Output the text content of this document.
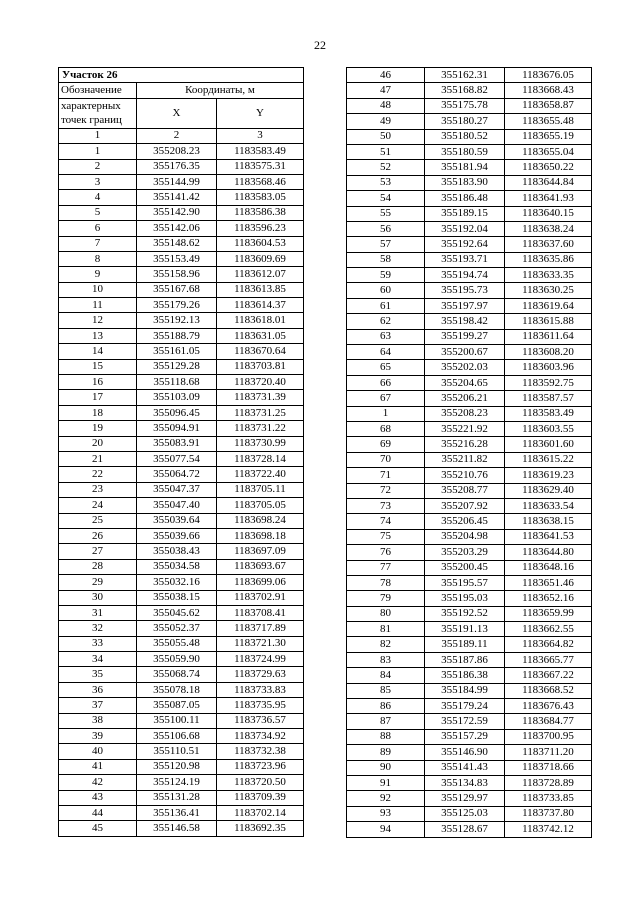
22
Участок 26		
Обозначение	Координаты, м	
характерных
точек границ	X	Y
1	2	3
1	355208.23	1183583.49
2	355176.35	1183575.31
3	355144.99	1183568.46
4	355141.42	1183583.05
5	355142.90	1183586.38
6	355142.06	1183596.23
7	355148.62	1183604.53
8	355153.49	1183609.69
9	355158.96	1183612.07
10	355167.68	1183613.85
11	355179.26	1183614.37
12	355192.13	1183618.01
13	355188.79	1183631.05
14	355161.05	1183670.64
15	355129.28	1183703.81
16	355118.68	1183720.40
17	355103.09	1183731.39
18	355096.45	1183731.25
19	355094.91	1183731.22
20	355083.91	1183730.99
21	355077.54	1183728.14
22	355064.72	1183722.40
23	355047.37	1183705.11
24	355047.40	1183705.05
25	355039.64	1183698.24
26	355039.66	1183698.18
27	355038.43	1183697.09
28	355034.58	1183693.67
29	355032.16	1183699.06
30	355038.15	1183702.91
31	355045.62	1183708.41
32	355052.37	1183717.89
33	355055.48	1183721.30
34	355059.90	1183724.99
35	355068.74	1183729.63
36	355078.18	1183733.83
37	355087.05	1183735.95
38	355100.11	1183736.57
39	355106.68	1183734.92
40	355110.51	1183732.38
41	355120.98	1183723.96
42	355124.19	1183720.50
43	355131.28	1183709.39
44	355136.41	1183702.14
45	355146.58	1183692.35
46	355162.31	1183676.05
47	355168.82	1183668.43
48	355175.78	1183658.87
49	355180.27	1183655.48
50	355180.52	1183655.19
51	355180.59	1183655.04
52	355181.94	1183650.22
53	355183.90	1183644.84
54	355186.48	1183641.93
55	355189.15	1183640.15
56	355192.04	1183638.24
57	355192.64	1183637.60
58	355193.71	1183635.86
59	355194.74	1183633.35
60	355195.73	1183630.25
61	355197.97	1183619.64
62	355198.42	1183615.88
63	355199.27	1183611.64
64	355200.67	1183608.20
65	355202.03	1183603.96
66	355204.65	1183592.75
67	355206.21	1183587.57
1	355208.23	1183583.49
68	355221.92	1183603.55
69	355216.28	1183601.60
70	355211.82	1183615.22
71	355210.76	1183619.23
72	355208.77	1183629.40
73	355207.92	1183633.54
74	355206.45	1183638.15
75	355204.98	1183641.53
76	355203.29	1183644.80
77	355200.45	1183648.16
78	355195.57	1183651.46
79	355195.03	1183652.16
80	355192.52	1183659.99
81	355191.13	1183662.55
82	355189.11	1183664.82
83	355187.86	1183665.77
84	355186.38	1183667.22
85	355184.99	1183668.52
86	355179.24	1183676.43
87	355172.59	1183684.77
88	355157.29	1183700.95
89	355146.90	1183711.20
90	355141.43	1183718.66
91	355134.83	1183728.89
92	355129.97	1183733.85
93	355125.03	1183737.80
94	355128.67	1183742.12
